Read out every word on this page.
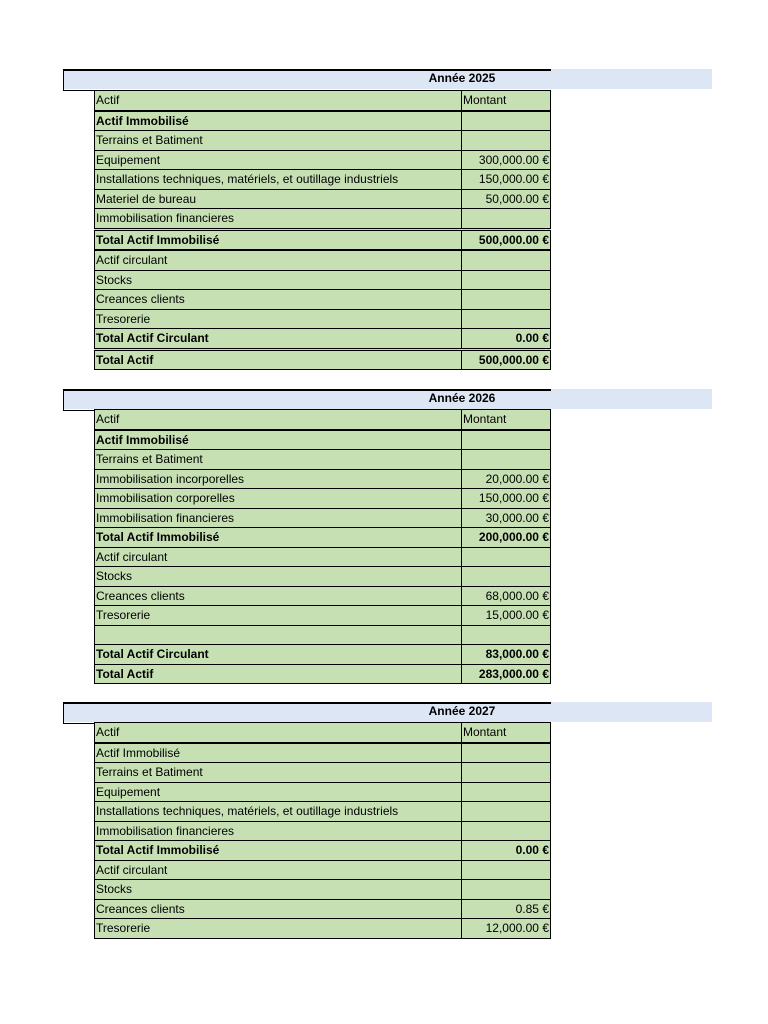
Année 2025
Actif	Montant
Actif Immobilisé	
Terrains et Batiment	
Equipement	300,000.00 €
Installations techniques, matériels, et outillage industriels	150,000.00 €
Materiel de bureau	50,000.00 €
Immobilisation financieres	
Total Actif Immobilisé	500,000.00 €
Actif circulant	
Stocks	
Creances clients	
Tresorerie	
Total Actif Circulant	0.00 €
Total Actif	500,000.00 €
Année 2026
Actif	Montant
Actif Immobilisé	
Terrains et Batiment	
Immobilisation incorporelles	20,000.00 €
Immobilisation corporelles	150,000.00 €
Immobilisation financieres	30,000.00 €
Total Actif Immobilisé	200,000.00 €
Actif circulant	
Stocks	
Creances clients	68,000.00 €
Tresorerie	15,000.00 €

Total Actif Circulant	83,000.00 €
Total Actif	283,000.00 €
Année 2027
Actif	Montant
Actif Immobilisé	
Terrains et Batiment	
Equipement	
Installations techniques, matériels, et outillage industriels	
Immobilisation financieres	
Total Actif Immobilisé	0.00 €
Actif circulant	
Stocks	
Creances clients	0.85 €
Tresorerie	12,000.00 €
